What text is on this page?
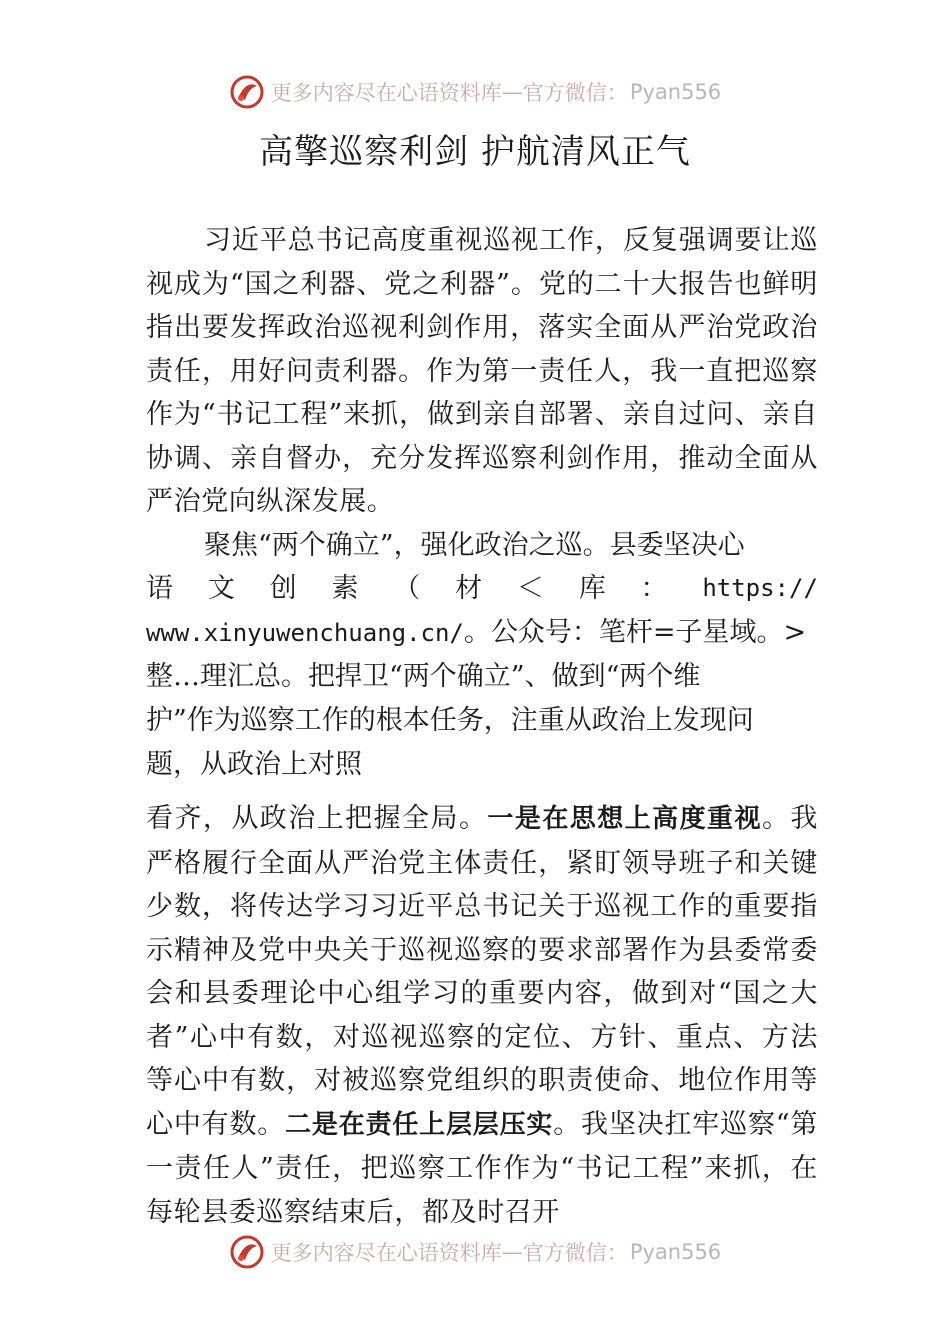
更多内容尽在心语资料库 — 官方微信： Pyan556
高擎巡察利剑 护航清风正气

习近平总书记高度重视巡视工作，反复强调要让巡视成为“国之利器、党之利器”。党的二十大报告也鲜明指出要发挥政治巡视利剑作用，落实全面从严治党政治责任，用好问责利器。作为第一责任人，我一直把巡察作为“书记工程”来抓，做到亲自部署、亲自过问、亲自协调、亲自督办，充分发挥巡察利剑作用，推动全面从严治党向纵深发展。

聚焦“两个确立”，强化政治之巡。县委坚决心
语 文 创 素 （ 材 ＜ 库 ： https://
www.xinyuwenchuang.cn/。公众号：笔杆=子星域。>
整…理汇总。把捍卫“两个确立”、做到“两个维
护”作为巡察工作的根本任务，注重从政治上发现问
题，从政治上对照

看齐，从政治上把握全局。一是在思想上高度重视。我严格履行全面从严治党主体责任，紧盯领导班子和关键少数，将传达学习习近平总书记关于巡视工作的重要指示精神及党中央关于巡视巡察的要求部署作为县委常委会和县委理论中心组学习的重要内容，做到对“国之大者”心中有数，对巡视巡察的定位、方针、重点、方法等心中有数，对被巡察党组织的职责使命、地位作用等心中有数。二是在责任上层层压实。我坚决扛牢巡察“第一责任人”责任，把巡察工作作为“书记工程”来抓，在每轮县委巡察结束后，都及时召开

更多内容尽在心语资料库 — 官方微信： Pyan556
